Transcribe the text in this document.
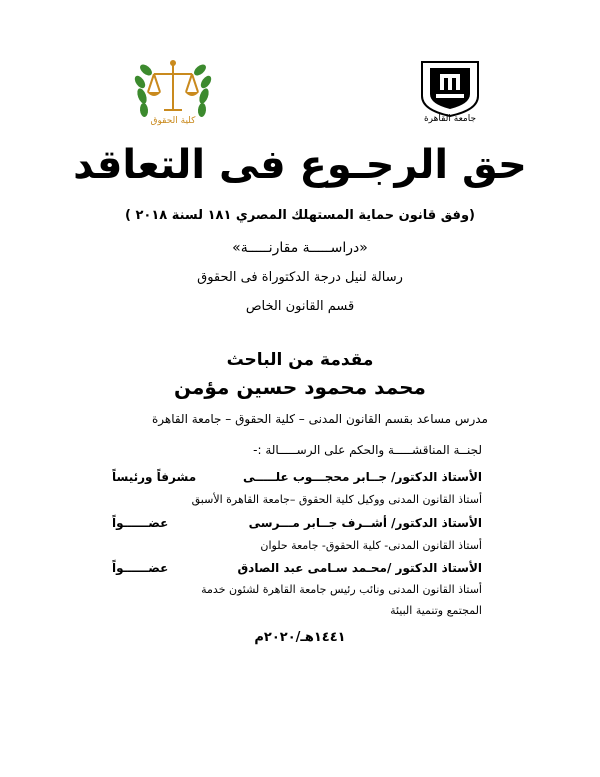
كلية الحقوق	جامعة القاهرة
حق الرجـوع فى التعاقد
(وفق قانون حماية المستهلك المصري ١٨١ لسنة ٢٠١٨ )
«دراســـــة مقارنـــــة»
رسالة لنيل درجة الدكتوراة فى الحقوق
قسم القانون الخاص
مقدمة من الباحث
محمد محمود حسين مؤمن
مدرس مساعد بقسم القانون المدنى – كلية الحقوق – جامعة القاهرة
لجنــة المناقشـــــة والحكم على الرســـــالة :-
الأستاذ الدكتور/ جــابر محجـــوب علـــــى
مشرفاً ورئيساً
أستاذ القانون المدنى ووكيل كلية الحقوق –جامعة القاهرة الأسبق
الأستاذ الدكتور/ أشــرف جــابر مـــرسى
عضــــــواً
أستاذ القانون المدنى- كلية الحقوق- جامعة حلوان
الأستاذ الدكتور /محـمد سـامى عبد الصادق
عضــــــواً
أستاذ القانون المدنى ونائب رئيس جامعة القاهرة لشئون خدمة
المجتمع وتنمية البيئة
١٤٤١هـ/٢٠٢٠م
